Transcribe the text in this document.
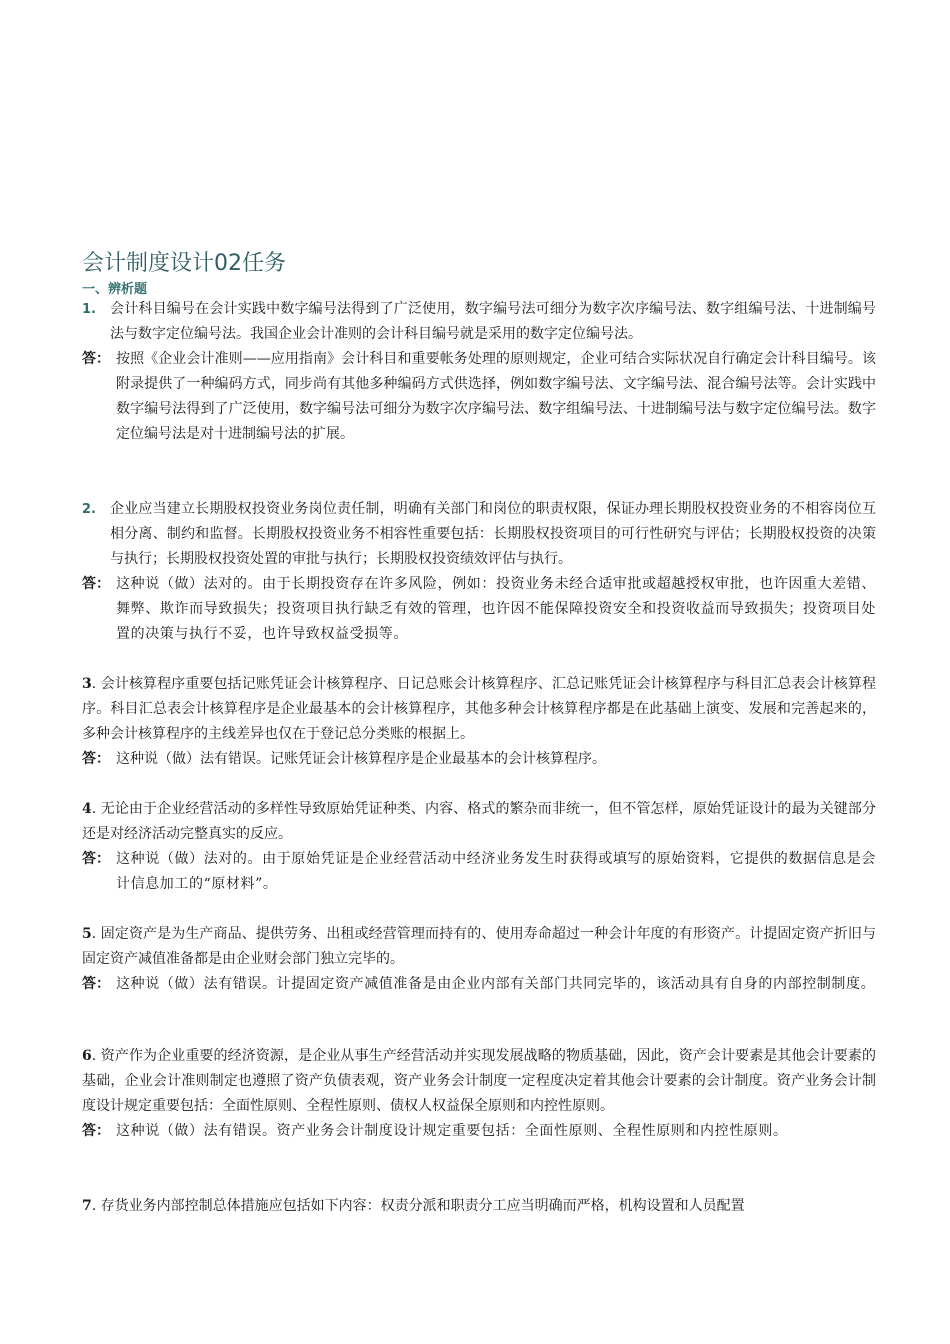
会计制度设计02任务
一、辨析题
1.	会计科目编号在会计实践中数字编号法得到了广泛使用，数字编号法可细分为数字次序编号法、数字组编号法、十进制编号法与数字定位编号法。我国企业会计准则的会计科目编号就是采用的数字定位编号法。
答： 按照《企业会计准则——应用指南》会计科目和重要帐务处理的原则规定，企业可结合实际状况自行确定会计科目编号。该附录提供了一种编码方式，同步尚有其他多种编码方式供选择，例如数字编号法、文字编号法、混合编号法等。会计实践中数字编号法得到了广泛使用，数字编号法可细分为数字次序编号法、数字组编号法、十进制编号法与数字定位编号法。数字定位编号法是对十进制编号法的扩展。
2.	企业应当建立长期股权投资业务岗位责任制，明确有关部门和岗位的职责权限，保证办理长期股权投资业务的不相容岗位互相分离、制约和监督。长期股权投资业务不相容性重要包括：长期股权投资项目的可行性研究与评估；长期股权投资的决策与执行；长期股权投资处置的审批与执行；长期股权投资绩效评估与执行。
答： 这种说（做）法对的。由于长期投资存在许多风险，例如：投资业务未经合适审批或超越授权审批，也许因重大差错、舞弊、欺诈而导致损失；投资项目执行缺乏有效的管理，也许因不能保障投资安全和投资收益而导致损失；投资项目处置的决策与执行不妥，也许导致权益受损等。
3. 会计核算程序重要包括记账凭证会计核算程序、日记总账会计核算程序、汇总记账凭证会计核算程序与科目汇总表会计核算程序。科目汇总表会计核算程序是企业最基本的会计核算程序，其他多种会计核算程序都是在此基础上演变、发展和完善起来的，多种会计核算程序的主线差异也仅在于登记总分类账的根据上。
答： 这种说（做）法有错误。记账凭证会计核算程序是企业最基本的会计核算程序。
4. 无论由于企业经营活动的多样性导致原始凭证种类、内容、格式的繁杂而非统一，但不管怎样，原始凭证设计的最为关键部分还是对经济活动完整真实的反应。
答： 这种说（做）法对的。由于原始凭证是企业经营活动中经济业务发生时获得或填写的原始资料，它提供的数据信息是会计信息加工的“原材料”。
5. 固定资产是为生产商品、提供劳务、出租或经营管理而持有的、使用寿命超过一种会计年度的有形资产。计提固定资产折旧与固定资产减值准备都是由企业财会部门独立完毕的。
答： 这种说（做）法有错误。计提固定资产减值准备是由企业内部有关部门共同完毕的，该活动具有自身的内部控制制度。
6. 资产作为企业重要的经济资源，是企业从事生产经营活动并实现发展战略的物质基础，因此，资产会计要素是其他会计要素的基础，企业会计准则制定也遵照了资产负债表观，资产业务会计制度一定程度决定着其他会计要素的会计制度。资产业务会计制度设计规定重要包括：全面性原则、全程性原则、债权人权益保全原则和内控性原则。
答： 这种说（做）法有错误。资产业务会计制度设计规定重要包括：全面性原则、全程性原则和内控性原则。
7. 存货业务内部控制总体措施应包括如下内容：权责分派和职责分工应当明确而严格，机构设置和人员配置
